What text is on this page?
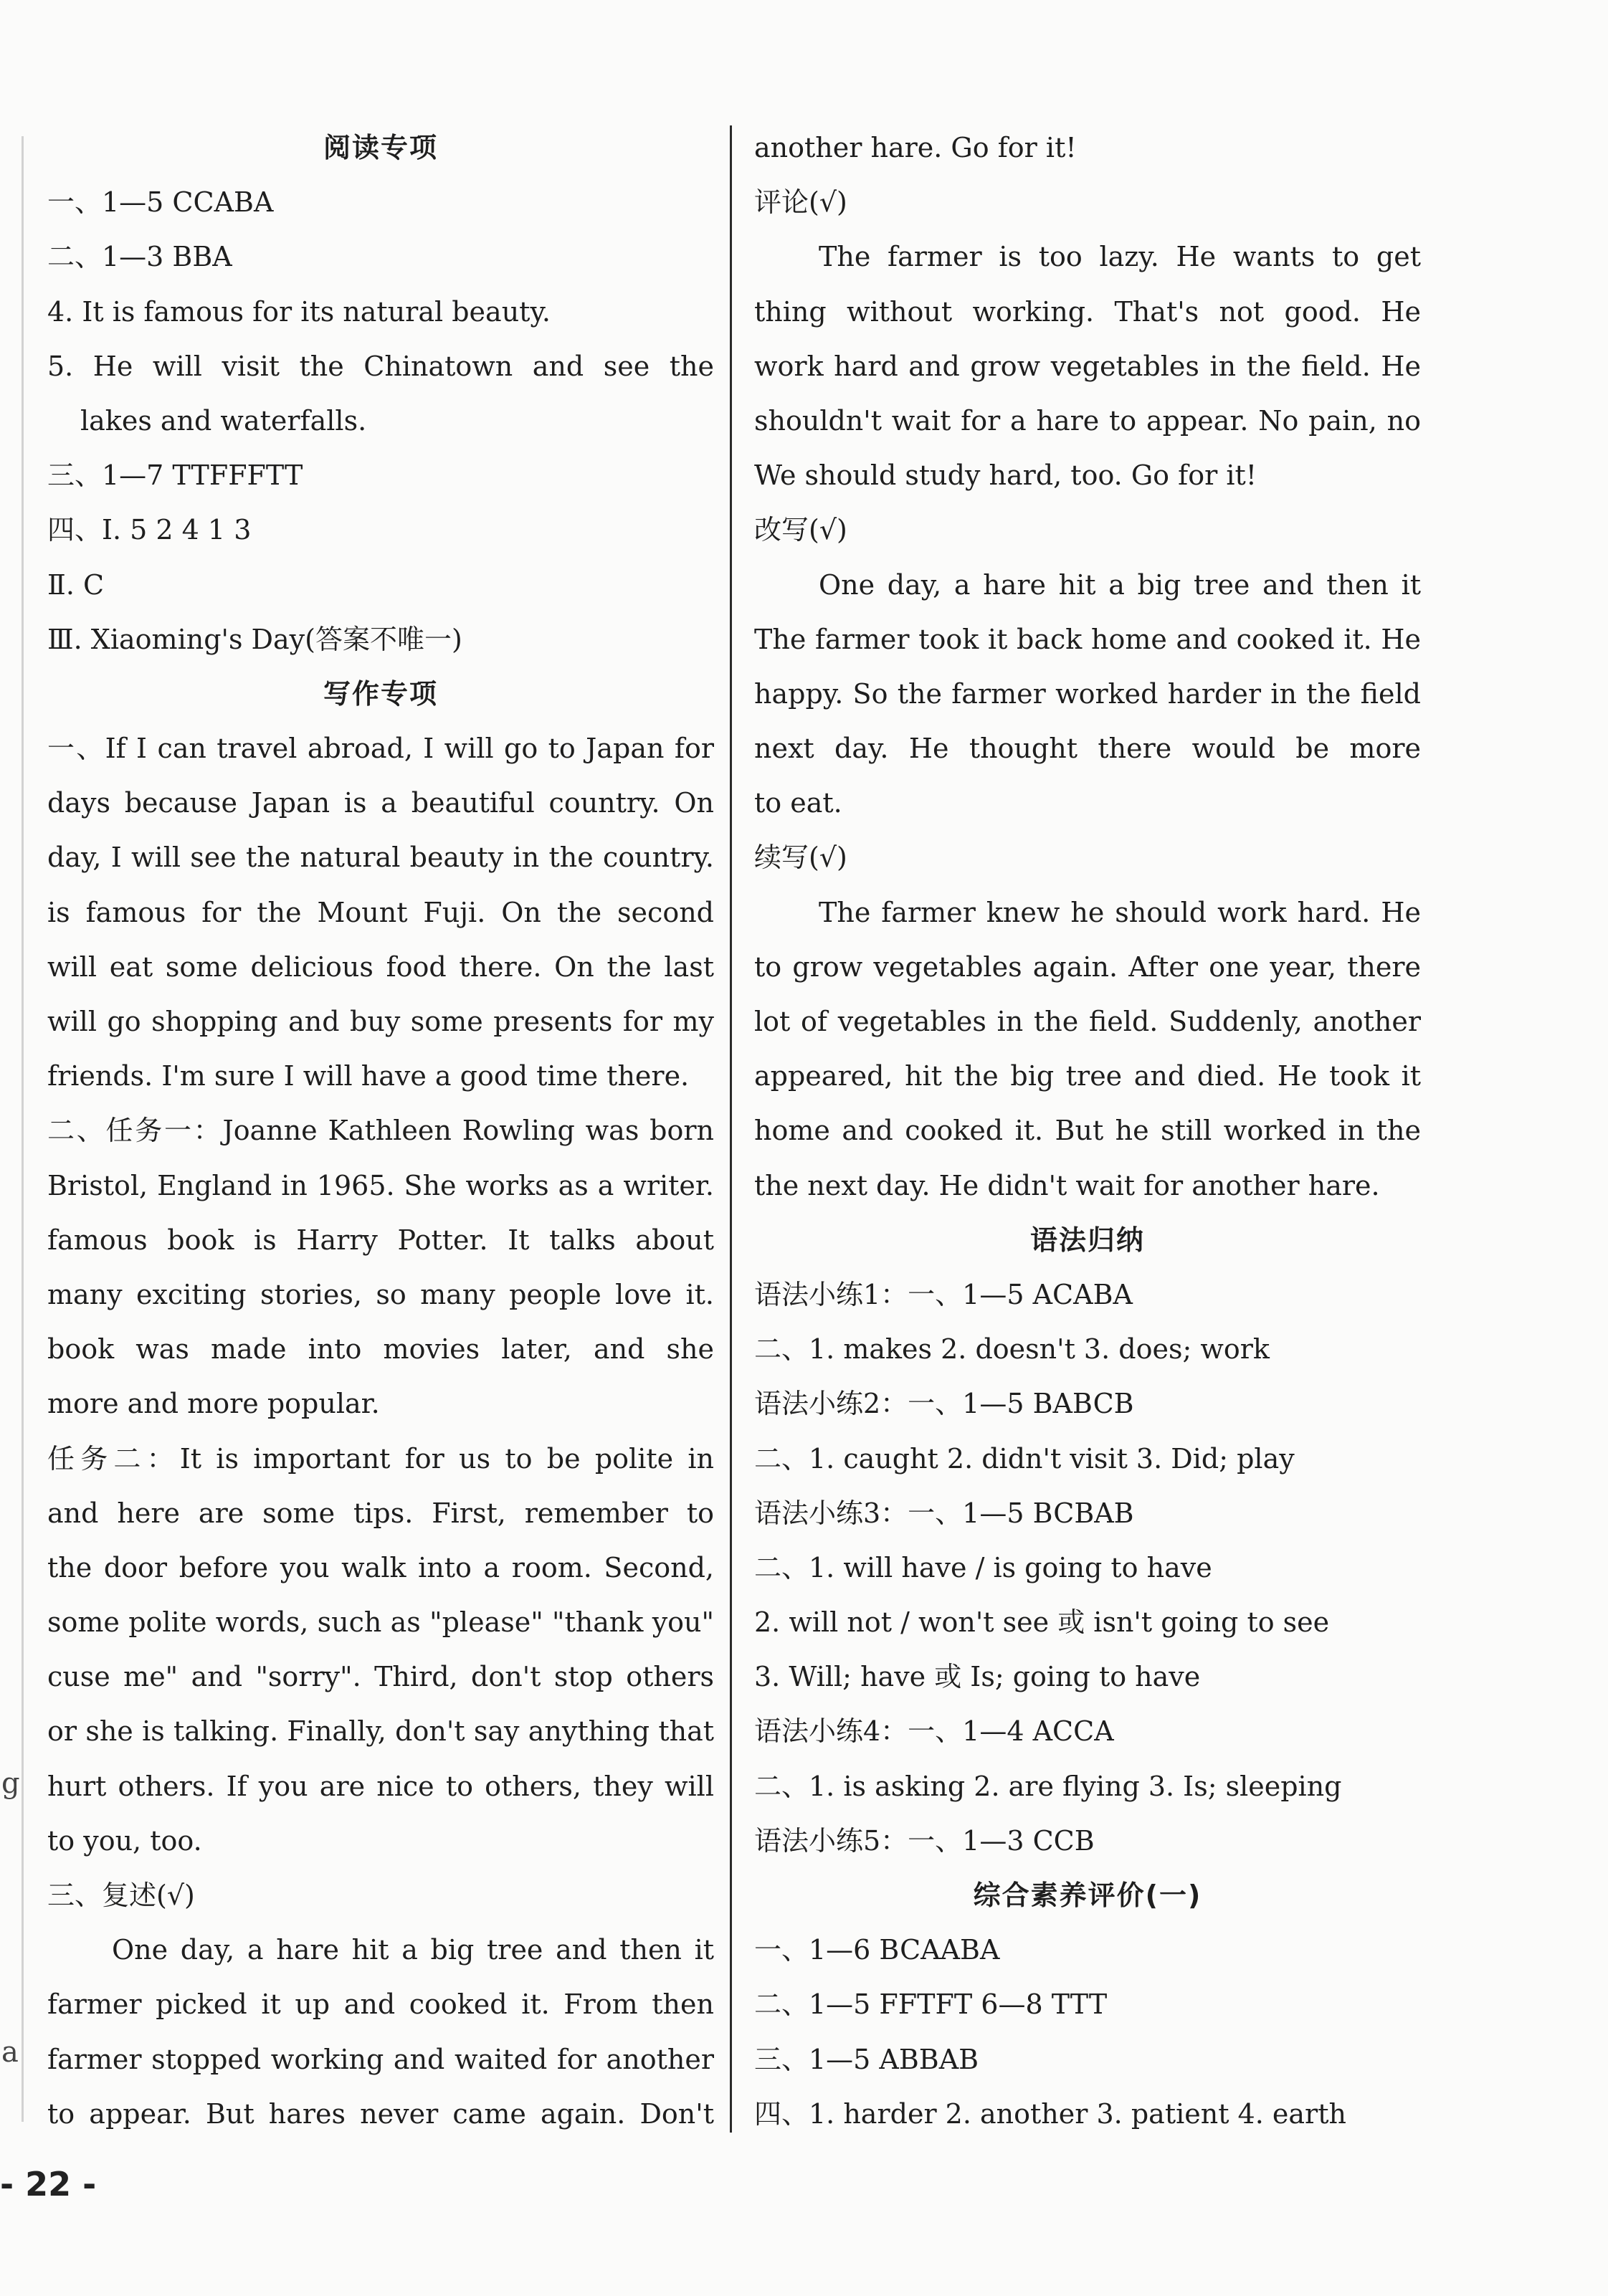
g
a
阅读专项
一、1—5 CCABA
二、1—3 BBA
4. It is famous for its natural beauty.
5. He will visit the Chinatown and see the
lakes and waterfalls.
三、1—7 TTFFFTT
四、Ⅰ. 5 2 4 1 3
Ⅱ. C
Ⅲ. Xiaoming's Day(答案不唯一)
写作专项
一、If I can travel abroad, I will go to Japan for
days because Japan is a beautiful country. On
day, I will see the natural beauty in the country.
is famous for the Mount Fuji. On the second
will eat some delicious food there. On the last
will go shopping and buy some presents for my
friends. I'm sure I will have a good time there.
二、任务一：Joanne Kathleen Rowling was born
Bristol, England in 1965. She works as a writer.
famous book is Harry Potter. It talks about
many exciting stories, so many people love it.
book was made into movies later, and she
more and more popular.
任务二：It is important for us to be polite in
and here are some tips. First, remember to
the door before you walk into a room. Second,
some polite words, such as "please" "thank you"
cuse me" and "sorry". Third, don't stop others
or she is talking. Finally, don't say anything that
hurt others. If you are nice to others, they will
to you, too.
三、复述(√)
One day, a hare hit a big tree and then it
farmer picked it up and cooked it. From then
farmer stopped working and waited for another
to appear. But hares never came again. Don't
another hare. Go for it!
评论(√)
The farmer is too lazy. He wants to get
thing without working. That's not good. He
work hard and grow vegetables in the field. He
shouldn't wait for a hare to appear. No pain, no
We should study hard, too. Go for it!
改写(√)
One day, a hare hit a big tree and then it
The farmer took it back home and cooked it. He
happy. So the farmer worked harder in the field
next day. He thought there would be more
to eat.
续写(√)
The farmer knew he should work hard. He
to grow vegetables again. After one year, there
lot of vegetables in the field. Suddenly, another
appeared, hit the big tree and died. He took it
home and cooked it. But he still worked in the
the next day. He didn't wait for another hare.
语法归纳
语法小练1：一、1—5 ACABA
二、1. makes 2. doesn't 3. does; work
语法小练2：一、1—5 BABCB
二、1. caught 2. didn't visit 3. Did; play
语法小练3：一、1—5 BCBAB
二、1. will have / is going to have
2. will not / won't see 或 isn't going to see
3. Will; have 或 Is; going to have
语法小练4：一、1—4 ACCA
二、1. is asking 2. are flying 3. Is; sleeping
语法小练5：一、1—3 CCB
综合素养评价(一)
一、1—6 BCAABA
二、1—5 FFTFT 6—8 TTT
三、1—5 ABBAB
四、1. harder 2. another 3. patient 4. earth
- 22 -
